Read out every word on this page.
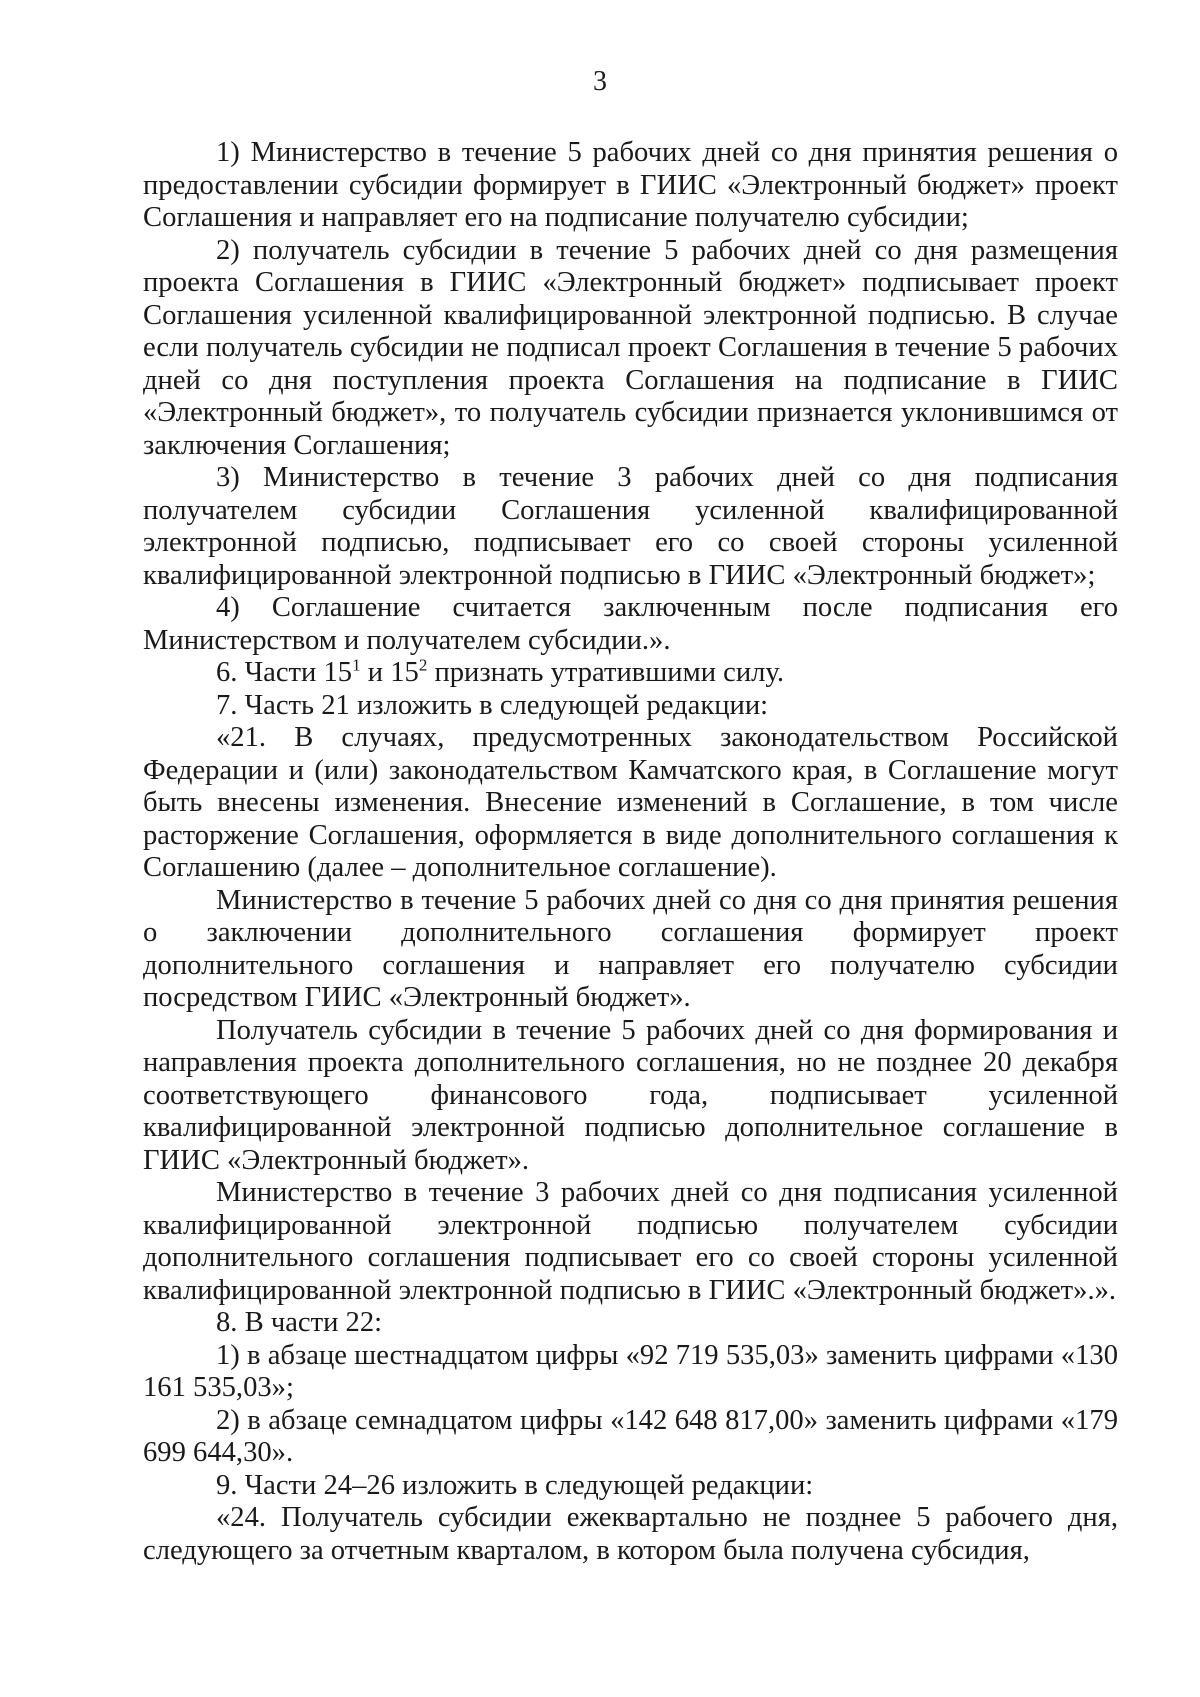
3

1) Министерство в течение 5 рабочих дней со дня принятия решения о предоставлении субсидии формирует в ГИИС «Электронный бюджет» проект Соглашения и направляет его на подписание получателю субсидии;

2) получатель субсидии в течение 5 рабочих дней со дня размещения проекта Соглашения в ГИИС «Электронный бюджет» подписывает проект Соглашения усиленной квалифицированной электронной подписью. В случае если получатель субсидии не подписал проект Соглашения в течение 5 рабочих дней со дня поступления проекта Соглашения на подписание в ГИИС «Электронный бюджет», то получатель субсидии признается уклонившимся от заключения Соглашения;

3) Министерство в течение 3 рабочих дней со дня подписания получателем субсидии Соглашения усиленной квалифицированной электронной подписью, подписывает его со своей стороны усиленной квалифицированной электронной подписью в ГИИС «Электронный бюджет»;

4) Соглашение считается заключенным после подписания его Министерством и получателем субсидии.».

6. Части $15^1$ и $15^2$ признать утратившими силу.

7. Часть 21 изложить в следующей редакции:

«21. В случаях, предусмотренных законодательством Российской Федерации и (или) законодательством Камчатского края, в Соглашение могут быть внесены изменения. Внесение изменений в Соглашение, в том числе расторжение Соглашения, оформляется в виде дополнительного соглашения к Соглашению (далее – дополнительное соглашение).

Министерство в течение 5 рабочих дней со дня со дня принятия решения о заключении дополнительного соглашения формирует проект дополнительного соглашения и направляет его получателю субсидии посредством ГИИС «Электронный бюджет».

Получатель субсидии в течение 5 рабочих дней со дня формирования и направления проекта дополнительного соглашения, но не позднее 20 декабря соответствующего финансового года, подписывает усиленной квалифицированной электронной подписью дополнительное соглашение в ГИИС «Электронный бюджет».

Министерство в течение 3 рабочих дней со дня подписания усиленной квалифицированной электронной подписью получателем субсидии дополнительного соглашения подписывает его со своей стороны усиленной квалифицированной электронной подписью в ГИИС «Электронный бюджет».».

8. В части 22:

1) в абзаце шестнадцатом цифры «92 719 535,03» заменить цифрами «130 161 535,03»;

2) в абзаце семнадцатом цифры «142 648 817,00» заменить цифрами «179 699 644,30».

9. Части 24–26 изложить в следующей редакции:

«24. Получатель субсидии ежеквартально не позднее 5 рабочего дня, следующего за отчетным кварталом, в котором была получена субсидия,
